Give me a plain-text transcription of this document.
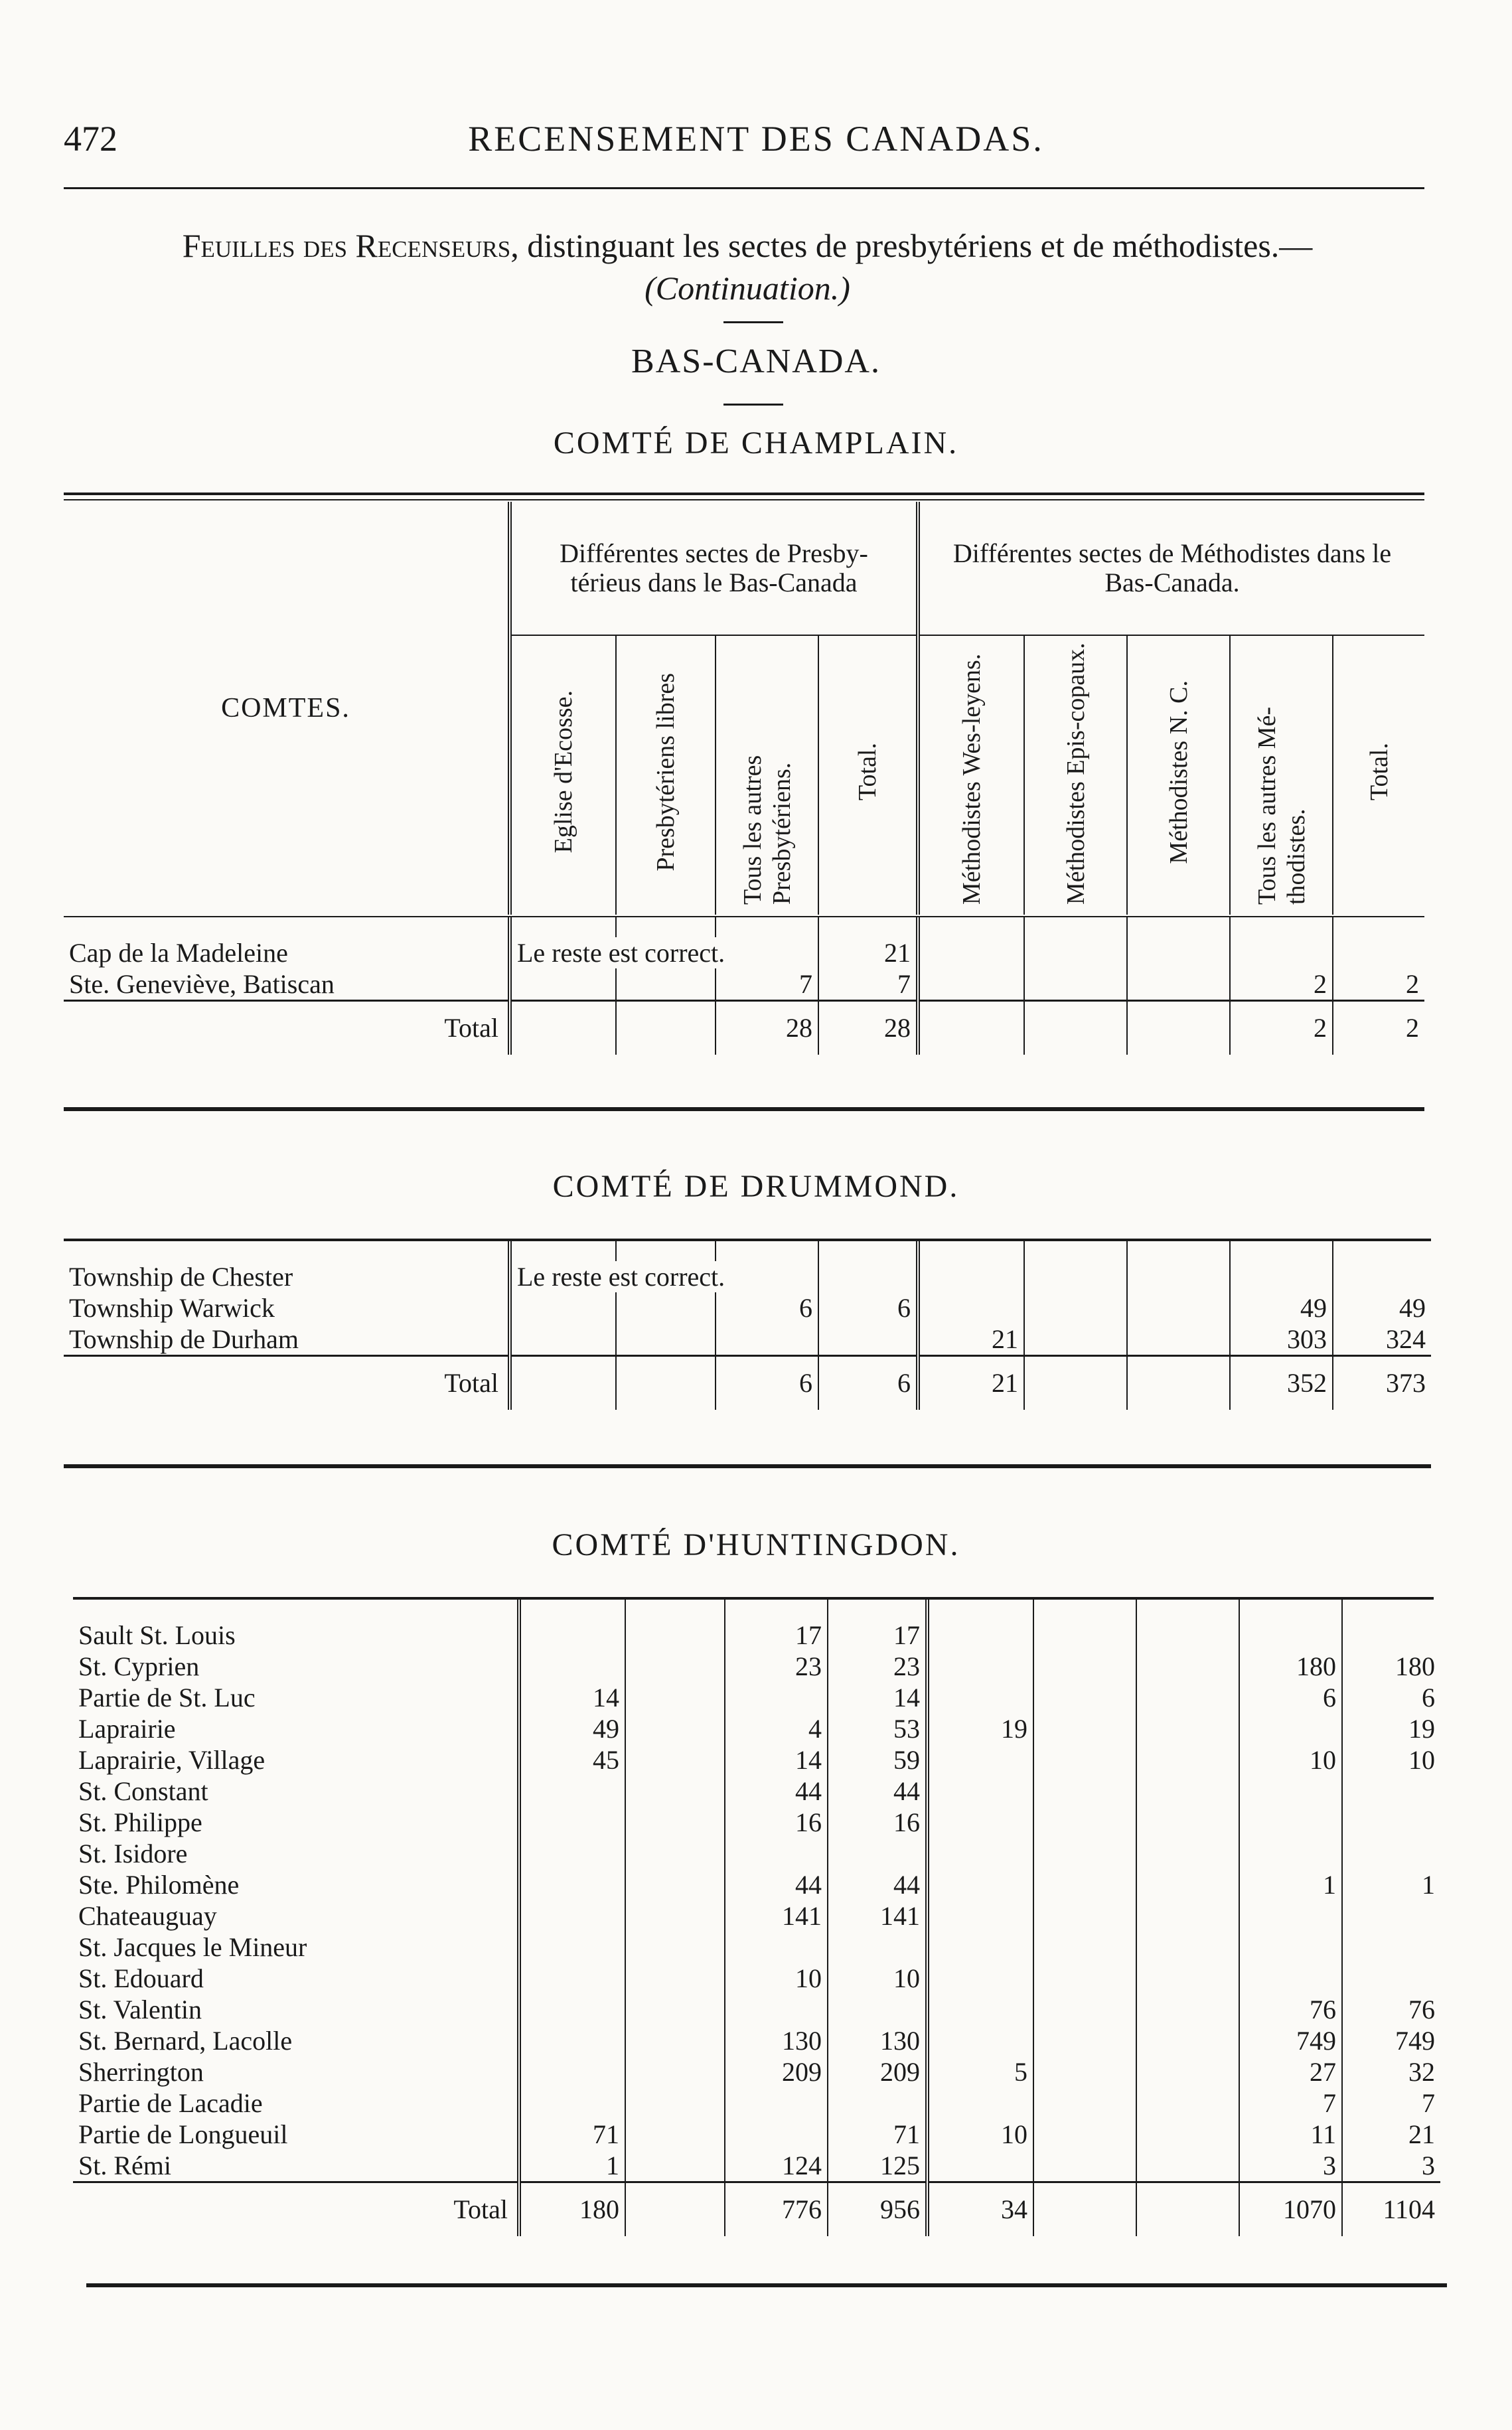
472	RECENSEMENT DES CANADAS.
Feuilles des Recenseurs, distinguant les sectes de presbytériens et de méthodistes.—
(Continuation.)
BAS-CANADA.
COMTÉ DE CHAMPLAIN.
COMTES.	Différentes sectes de Presby-térieus dans le Bas-Canada				Différentes sectes de Méthodistes dans le Bas-Canada.				
	Eglise d'Ecosse.	Presbytériens libres	Tous les autres Presbytériens.	Total.	Méthodistes Wes-leyens.	Méthodistes Epis-copaux.	Méthodistes N. C.	Tous les autres Mé-thodistes.	Total.

Cap de la Madeleine	Le reste est correct.			21					
Ste. Geneviève, Batiscan			7	7				2	2
Total			28	28				2	2
COMTÉ DE DRUMMOND.

Township de Chester	Le reste est correct.								
Township Warwick			6	6				49	49
Township de Durham					21			303	324
Total			6	6	21			352	373
COMTÉ D'HUNTINGDON.

Sault St. Louis			17	17					
St. Cyprien			23	23				180	180
Partie de St. Luc	14			14				6	6
Laprairie	49		4	53	19				19
Laprairie, Village	45		14	59				10	10
St. Constant			44	44					
St. Philippe			16	16					
St. Isidore									
Ste. Philomène			44	44				1	1
Chateauguay			141	141					
St. Jacques le Mineur									
St. Edouard			10	10					
St. Valentin								76	76
St. Bernard, Lacolle			130	130				749	749
Sherrington			209	209	5			27	32
Partie de Lacadie								7	7
Partie de Longueuil	71			71	10			11	21
St. Rémi	1		124	125				3	3
Total	180		776	956	34			1070	1104
